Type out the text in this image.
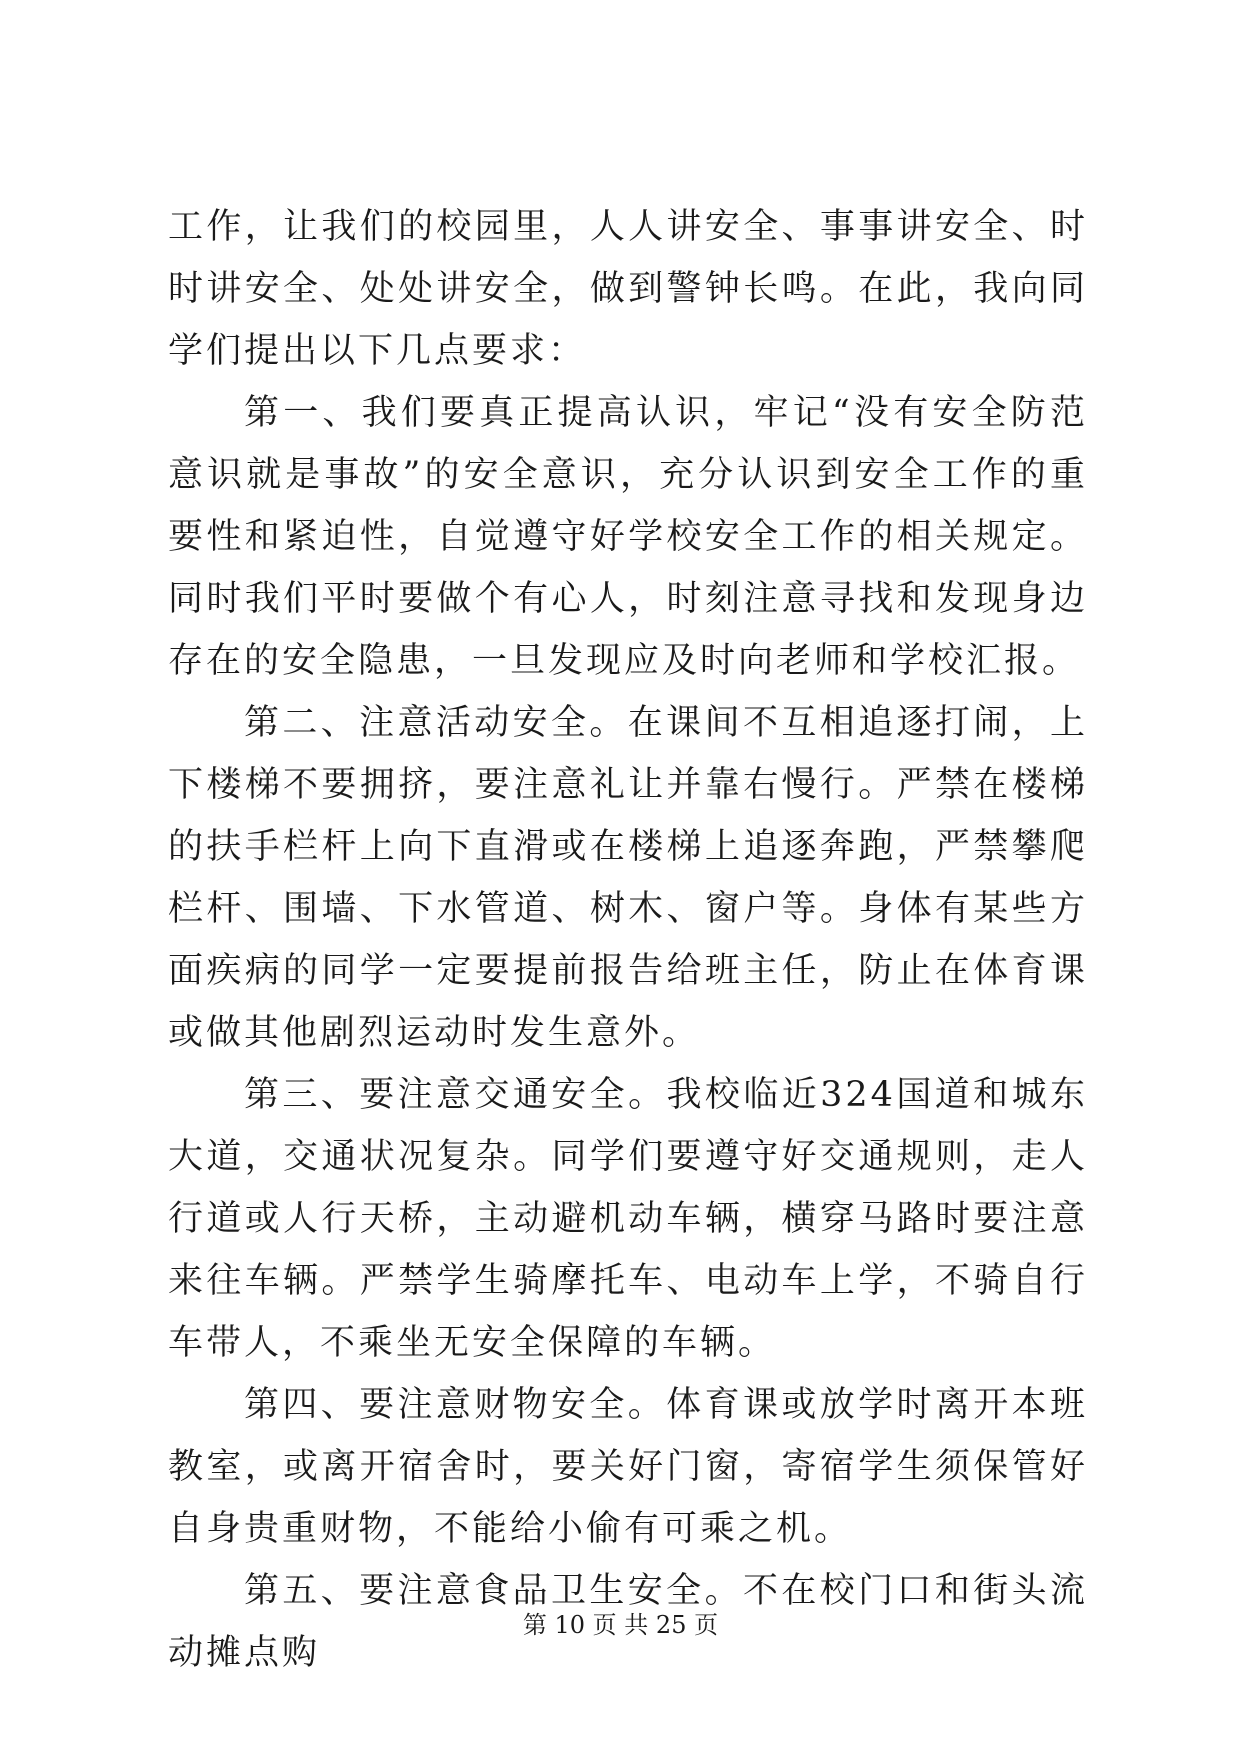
工作，让我们的校园里，人人讲安全、事事讲安全、时时讲安全、处处讲安全，做到警钟长鸣。在此，我向同学们提出以下几点要求：

第一、我们要真正提高认识，牢记“没有安全防范意识就是事故”的安全意识，充分认识到安全工作的重要性和紧迫性，自觉遵守好学校安全工作的相关规定。同时我们平时要做个有心人，时刻注意寻找和发现身边存在的安全隐患，一旦发现应及时向老师和学校汇报。

第二、注意活动安全。在课间不互相追逐打闹，上下楼梯不要拥挤，要注意礼让并靠右慢行。严禁在楼梯的扶手栏杆上向下直滑或在楼梯上追逐奔跑，严禁攀爬栏杆、围墙、下水管道、树木、窗户等。身体有某些方面疾病的同学一定要提前报告给班主任，防止在体育课或做其他剧烈运动时发生意外。

第三、要注意交通安全。我校临近324国道和城东大道，交通状况复杂。同学们要遵守好交通规则，走人行道或人行天桥，主动避机动车辆，横穿马路时要注意来往车辆。严禁学生骑摩托车、电动车上学，不骑自行车带人，不乘坐无安全保障的车辆。

第四、要注意财物安全。体育课或放学时离开本班教室，或离开宿舍时，要关好门窗，寄宿学生须保管好自身贵重财物，不能给小偷有可乘之机。

第五、要注意食品卫生安全。不在校门口和街头流动摊点购

第 10 页 共 25 页
